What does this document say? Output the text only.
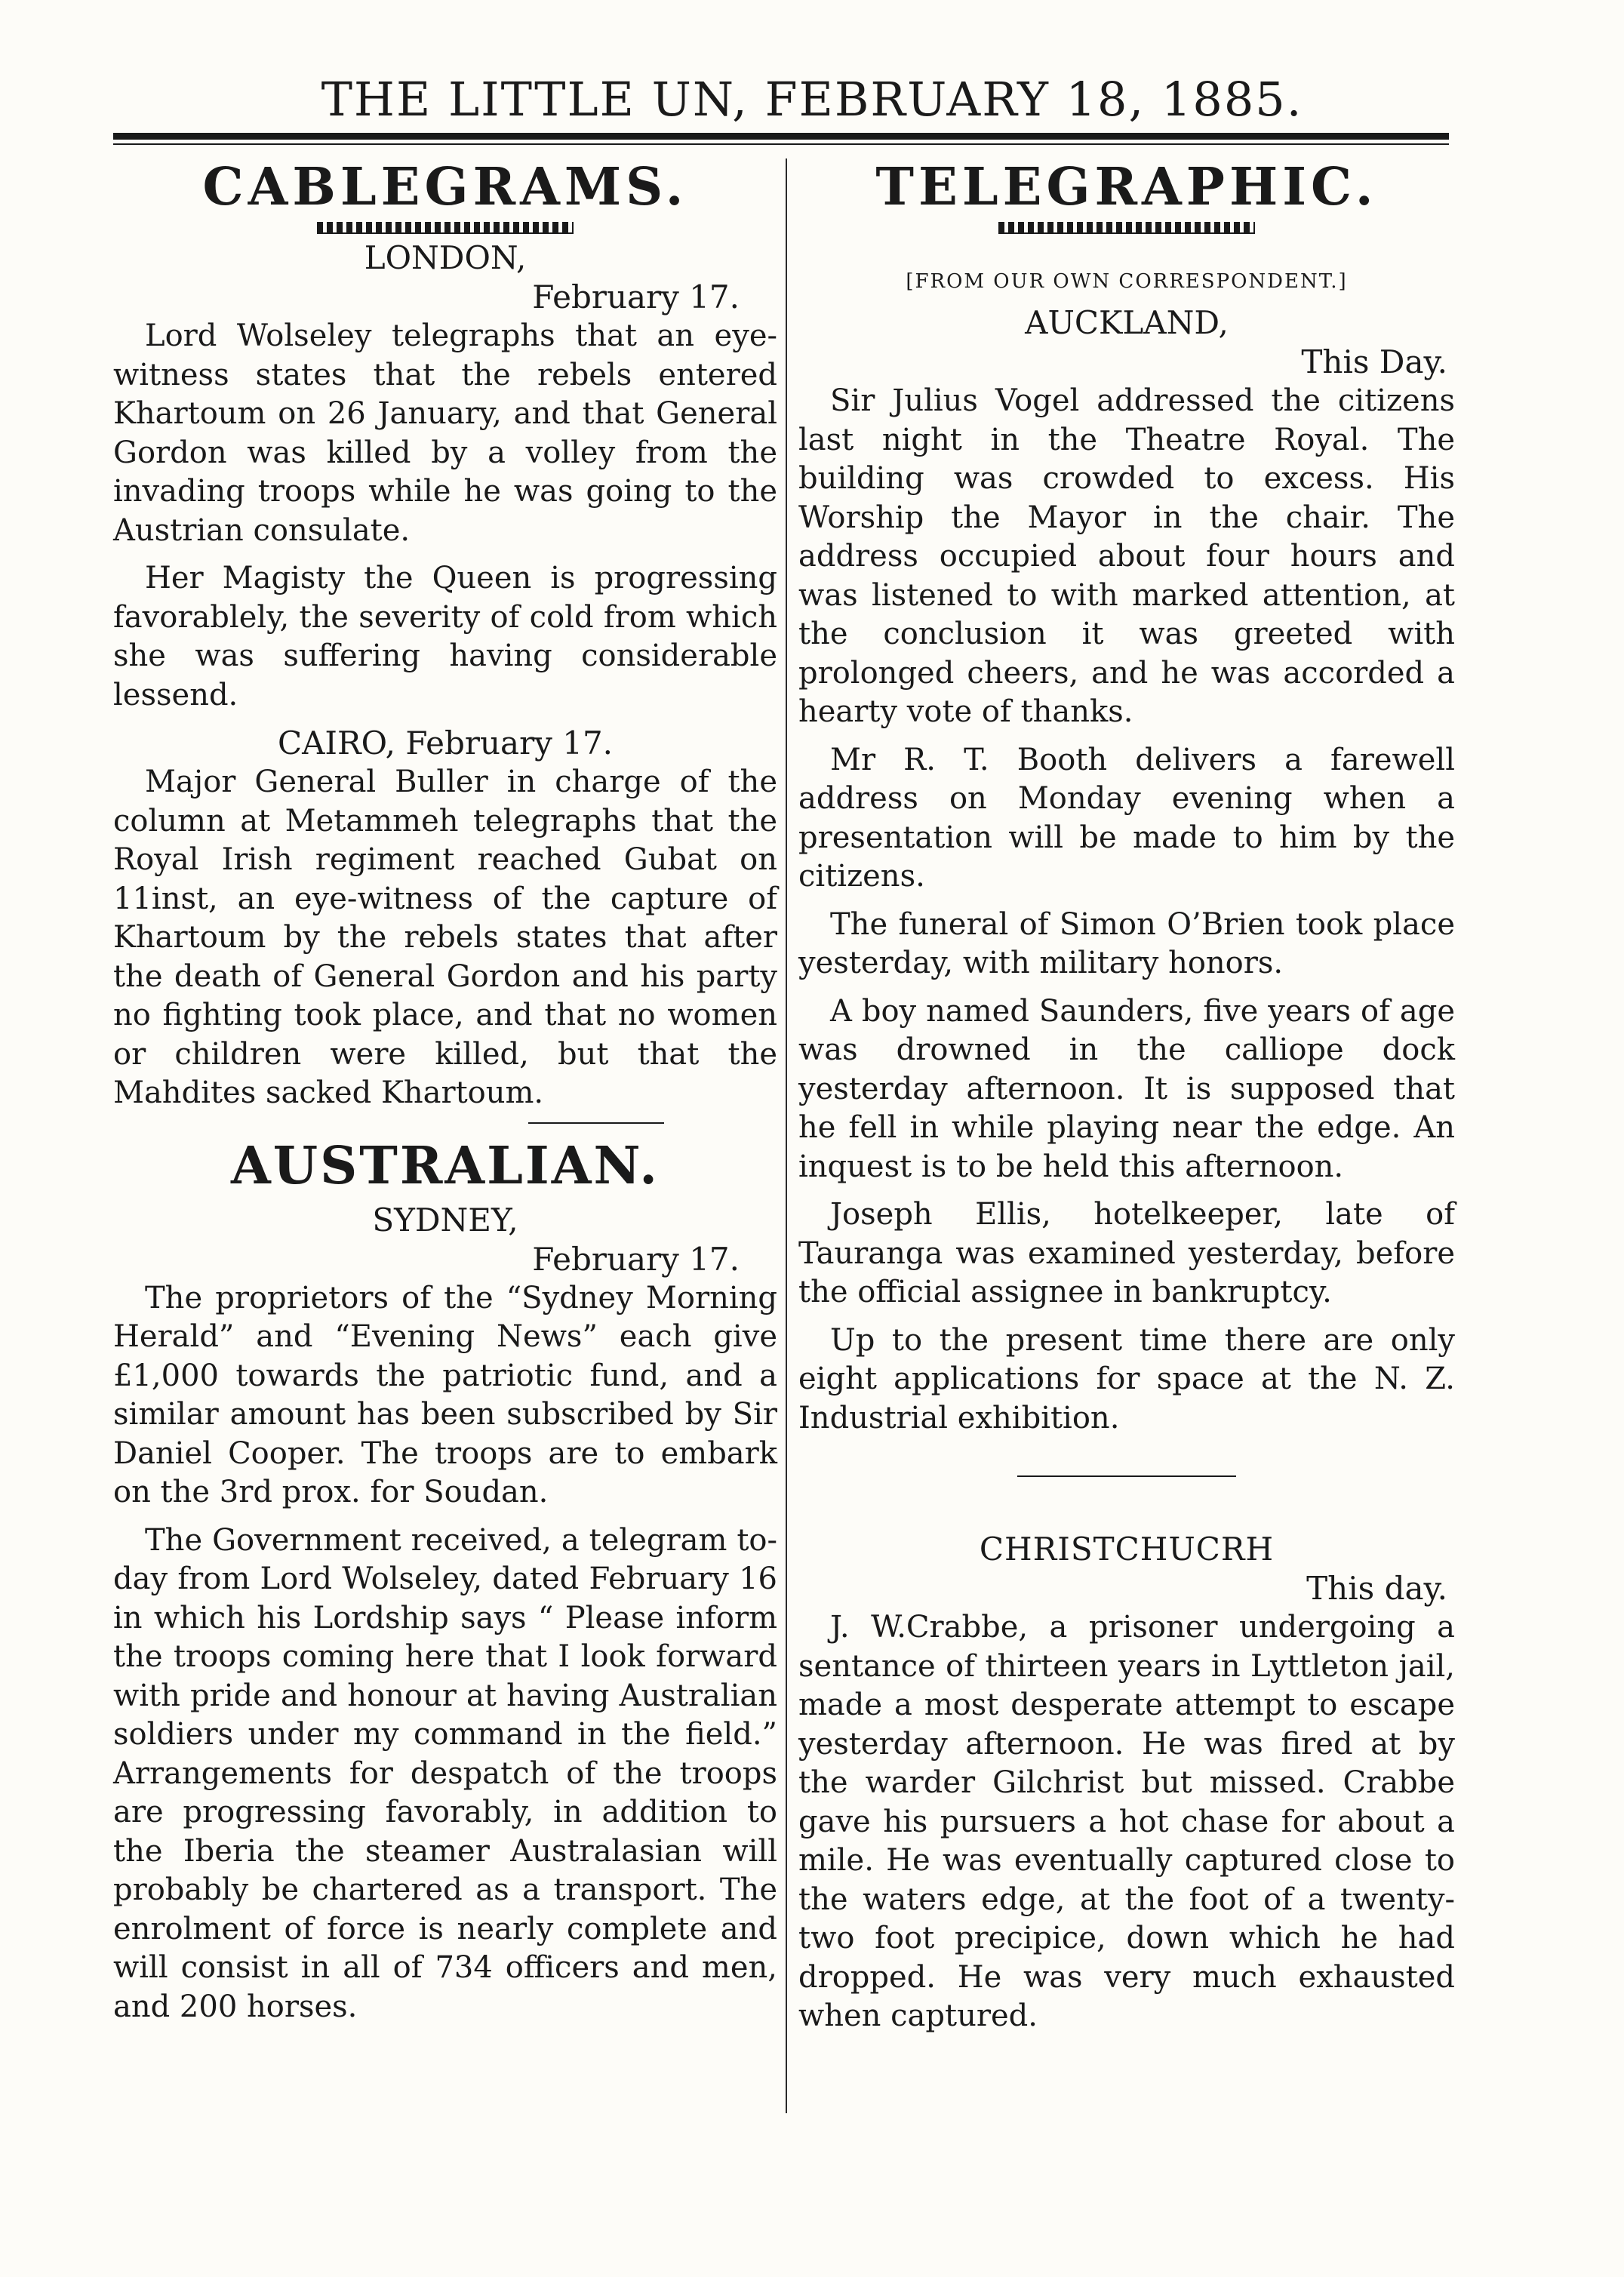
THE LITTLE UN, FEBRUARY 18, 1885.
CABLEGRAMS.
LONDON,
February 17.

Lord Wolseley telegraphs that an eye-witness states that the rebels entered Khartoum on 26 January, and that General Gordon was killed by a volley from the invading troops while he was going to the Austrian consulate.

Her Magisty the Queen is progressing favorablely, the severity of cold from which she was suffering having considerable lessend.

CAIRO, February 17.

Major General Buller in charge of the column at Metammeh telegraphs that the Royal Irish regiment reached Gubat on 11inst, an eye-witness of the capture of Khartoum by the rebels states that after the death of General Gordon and his party no fighting took place, and that no women or children were killed, but that the Mahdites sacked Khartoum.

AUSTRALIAN.
SYDNEY,
February 17.

The proprietors of the “Sydney Morning Herald” and “Evening News” each give £1,000 towards the patriotic fund, and a similar amount has been subscribed by Sir Daniel Cooper. The troops are to embark on the 3rd prox. for Soudan.

The Government received, a telegram to-day from Lord Wolseley, dated February 16 in which his Lordship says “ Please inform the troops coming here that I look forward with pride and honour at having Australian soldiers under my command in the field.” Arrangements for despatch of the troops are progressing favorably, in addition to the Iberia the steamer Australasian will probably be chartered as a transport. The enrolment of force is nearly complete and will consist in all of 734 officers and men, and 200 horses.

TELEGRAPHIC.
[FROM OUR OWN CORRESPONDENT.]
AUCKLAND,
This Day.

Sir Julius Vogel addressed the citizens last night in the Theatre Royal. The building was crowded to excess. His Worship the Mayor in the chair. The address occupied about four hours and was listened to with marked attention, at the conclusion it was greeted with prolonged cheers, and he was accorded a hearty vote of thanks.

Mr R. T. Booth delivers a farewell address on Monday evening when a presentation will be made to him by the citizens.

The funeral of Simon O’Brien took place yesterday, with military honors.

A boy named Saunders, five years of age was drowned in the calliope dock yesterday afternoon. It is supposed that he fell in while playing near the edge. An inquest is to be held this afternoon.

Joseph Ellis, hotelkeeper, late of Tauranga was examined yesterday, before the official assignee in bankruptcy.

Up to the present time there are only eight applications for space at the N. Z. Industrial exhibition.

CHRISTCHUCRH
This day.

J. W.Crabbe, a prisoner undergoing a sentance of thirteen years in Lyttleton jail, made a most desperate attempt to escape yesterday afternoon. He was fired at by the warder Gilchrist but missed. Crabbe gave his pursuers a hot chase for about a mile. He was eventually captured close to the waters edge, at the foot of a twenty-two foot precipice, down which he had dropped. He was very much exhausted when captured.
